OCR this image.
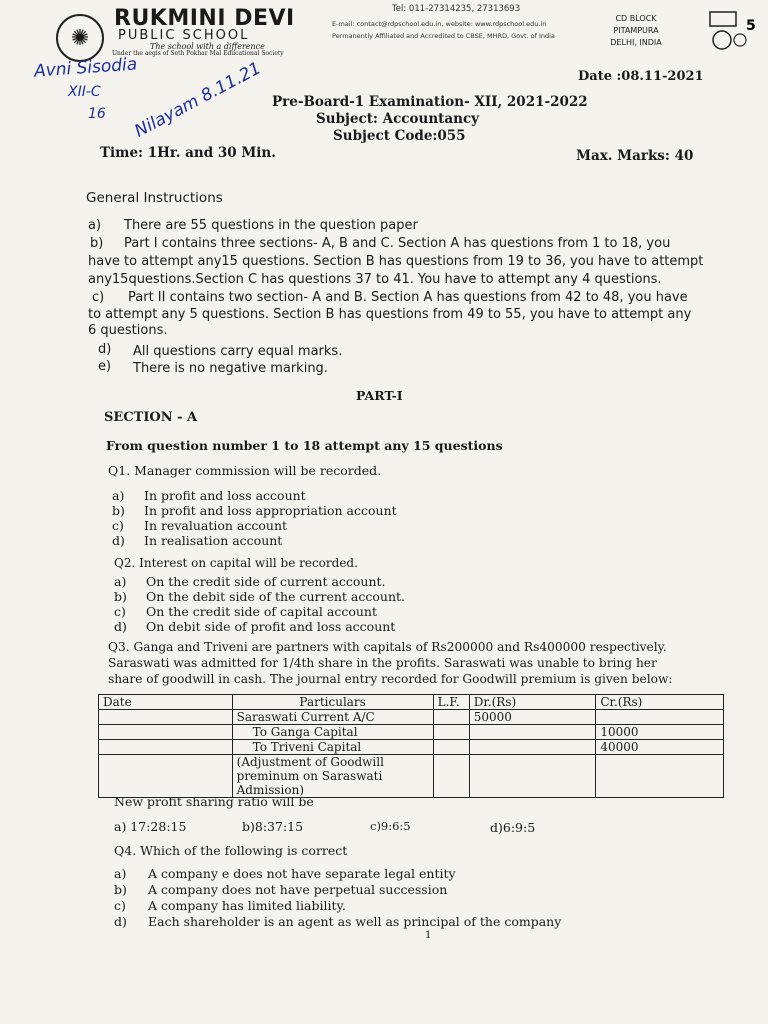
✺
RUKMINI DEVI
PUBLIC SCHOOL
The school with a difference
Under the aegis of Seth Pokhar Mal Educational Society
Tel: 011-27314235, 27313693
E-mail: contact@rdpschool.edu.in, website: www.rdpschool.edu.in
Permanently Affiliated and Accredited to CBSE, MHRD, Govt. of India
CD BLOCK
PITAMPURA
DELHI, INDIA
5
Avni Sisodia
XII-C
16 Nilayam 8.11.21	Date :08.11-2021
Pre-Board-1 Examination- XII, 2021-2022
Subject: Accountancy
Subject Code:055
Time: 1Hr. and 30 Min.	Max. Marks: 40
General Instructions
a) There are 55 questions in the question paper
b) Part I contains three sections- A, B and C. Section A has questions from 1 to 18, you
have to attempt any15 questions. Section B has questions from 19 to 36, you have to attempt
any15questions.Section C has questions 37 to 41. You have to attempt any 4 questions.
c) Part II contains two section- A and B. Section A has questions from 42 to 48, you have
to attempt any 5 questions. Section B has questions from 49 to 55, you have to attempt any
6 questions.
d) All questions carry equal marks.
e) There is no negative marking.
PART-I
SECTION - A
From question number 1 to 18 attempt any 15 questions
Q1. Manager commission will be recorded.
a)	In profit and loss account
b)	In profit and loss appropriation account
c)	In revaluation account
d)	In realisation account
Q2. Interest on capital will be recorded.
a)	On the credit side of current account.
b)	On the debit side of the current account.
c)	On the credit side of capital account
d)	On debit side of profit and loss account
Q3. Ganga and Triveni are partners with capitals of Rs200000 and Rs400000 respectively.
Saraswati was admitted for 1/4th share in the profits. Saraswati was unable to bring her
share of goodwill in cash. The journal entry recorded for Goodwill premium is given below:
Date	Particulars	L.F.	Dr.(Rs)	Cr.(Rs)
	Saraswati Current A/C		50000	
	To Ganga Capital			10000
	To Triveni Capital			40000
	(Adjustment of Goodwill preminum on Saraswati Admission)			
New profit sharing ratio will be
a) 17:28:15	b)8:37:15	c)9:6:5	d)6:9:5
Q4. Which of the following is correct
a)	A company e does not have separate legal entity
b)	A company does not have perpetual succession
c)	A company has limited liability.
d)	Each shareholder is an agent as well as principal of the company
1
